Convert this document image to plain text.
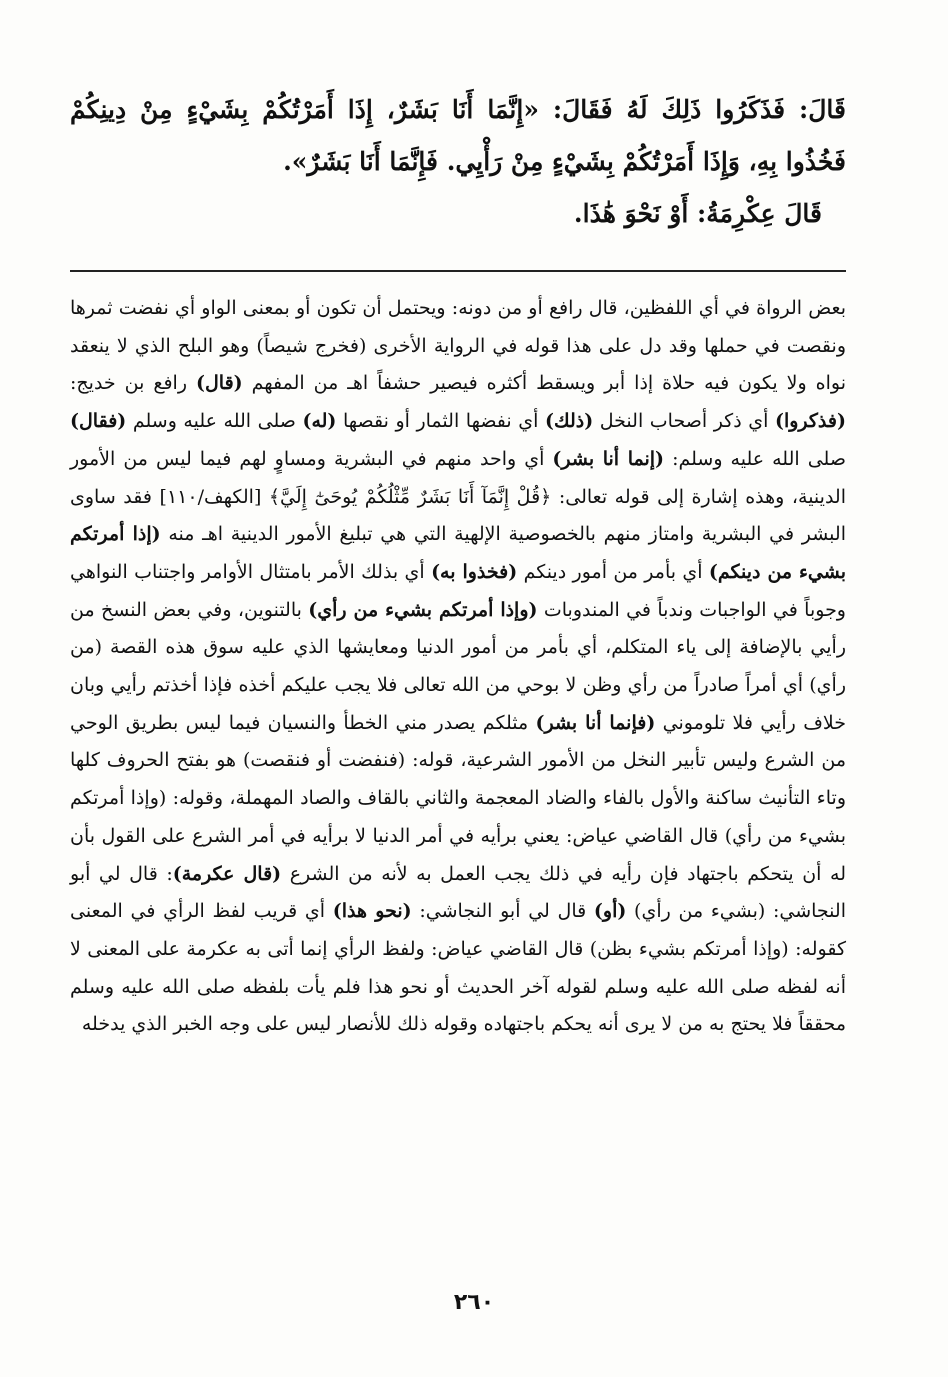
قَالَ: فَذَكَرُوا ذَلِكَ لَهُ فَقَالَ: «إِنَّمَا أَنَا بَشَرٌ، إِذَا أَمَرْتُكُمْ بِشَيْءٍ مِنْ دِينِكُمْ فَخُذُوا بِهِ، وَإِذَا أَمَرْتُكُمْ بِشَيْءٍ مِنْ رَأْيِي. فَإِنَّمَا أَنَا بَشَرٌ».

قَالَ عِكْرِمَةُ: أَوْ نَحْوَ هَٰذَا.

بعض الرواة في أي اللفظين، قال رافع أو من دونه: ويحتمل أن تكون أو بمعنى الواو أي نفضت ثمرها ونقصت في حملها وقد دل على هذا قوله في الرواية الأخرى (فخرج شيصاً) وهو البلح الذي لا ينعقد نواه ولا يكون فيه حلاة إذا أبر ويسقط أكثره فيصير حشفاً اهـ من المفهم (قال) رافع بن خديج: (فذكروا) أي ذكر أصحاب النخل (ذلك) أي نفضها الثمار أو نقصها (له) صلى الله عليه وسلم (فقال) صلى الله عليه وسلم: (إنما أنا بشر) أي واحد منهم في البشرية ومساوٍ لهم فيما ليس من الأمور الدينية، وهذه إشارة إلى قوله تعالى: ﴿قُلْ إِنَّمَآ أَنَا بَشَرٌ مِّثْلُكُمْ يُوحَىٰٓ إِلَيَّ﴾ [الكهف/١١٠] فقد ساوى البشر في البشرية وامتاز منهم بالخصوصية الإلهية التي هي تبليغ الأمور الدينية اهـ منه (إذا أمرتكم بشيء من دينكم) أي بأمر من أمور دينكم (فخذوا به) أي بذلك الأمر بامتثال الأوامر واجتناب النواهي وجوباً في الواجبات وندباً في المندوبات (وإذا أمرتكم بشيء من رأي) بالتنوين، وفي بعض النسخ من رأيي بالإضافة إلى ياء المتكلم، أي بأمر من أمور الدنيا ومعايشها الذي عليه سوق هذه القصة (من رأي) أي أمراً صادراً من رأي وظن لا بوحي من الله تعالى فلا يجب عليكم أخذه فإذا أخذتم رأيي وبان خلاف رأيي فلا تلوموني (فإنما أنا بشر) مثلكم يصدر مني الخطأ والنسيان فيما ليس بطريق الوحي من الشرع وليس تأبير النخل من الأمور الشرعية، قوله: (فنفضت أو فنقصت) هو بفتح الحروف كلها وتاء التأنيث ساكنة والأول بالفاء والضاد المعجمة والثاني بالقاف والصاد المهملة، وقوله: (وإذا أمرتكم بشيء من رأي) قال القاضي عياض: يعني برأيه في أمر الدنيا لا برأيه في أمر الشرع على القول بأن له أن يتحكم باجتهاد فإن رأيه في ذلك يجب العمل به لأنه من الشرع (قال عكرمة): قال لي أبو النجاشي: (بشيء من رأي) (أو) قال لي أبو النجاشي: (نحو هذا) أي قريب لفظ الرأي في المعنى كقوله: (وإذا أمرتكم بشيء بظن) قال القاضي عياض: ولفظ الرأي إنما أتى به عكرمة على المعنى لا أنه لفظه صلى الله عليه وسلم لقوله آخر الحديث أو نحو هذا فلم يأت بلفظه صلى الله عليه وسلم محققاً فلا يحتج به من لا يرى أنه يحكم باجتهاده وقوله ذلك للأنصار ليس على وجه الخبر الذي يدخله

٢٦٠
